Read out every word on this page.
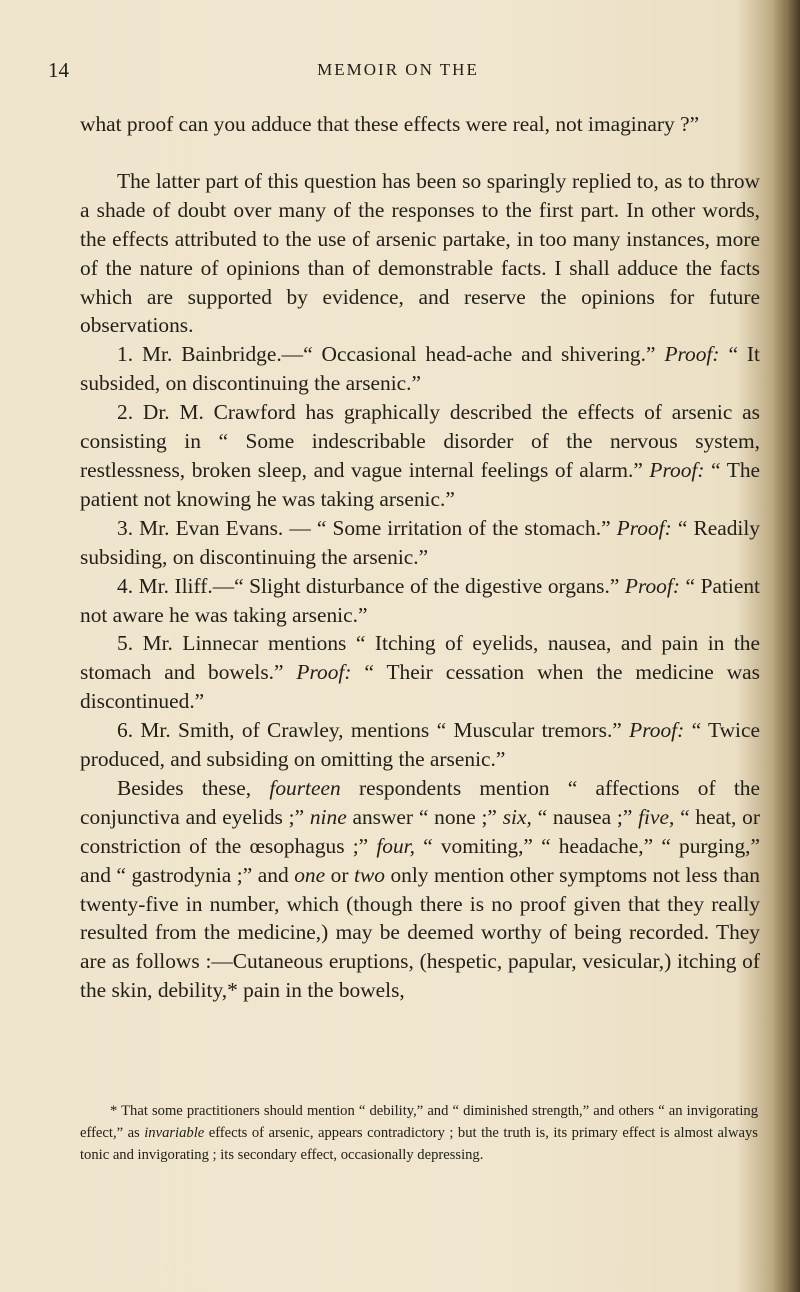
14	MEMOIR ON THE

what proof can you adduce that these effects were real, not imaginary ?”

The latter part of this question has been so sparingly replied to, as to throw a shade of doubt over many of the responses to the first part. In other words, the effects attributed to the use of arsenic partake, in too many instances, more of the nature of opinions than of demonstrable facts. I shall adduce the facts which are supported by evidence, and reserve the opinions for future observations.

1. Mr. Bainbridge.—“ Occasional head-ache and shivering.” Proof: “ It subsided, on discontinuing the arsenic.”

2. Dr. M. Crawford has graphically described the effects of arsenic as consisting in “ Some indescribable disorder of the nervous system, restlessness, broken sleep, and vague internal feelings of alarm.” Proof: “ The patient not knowing he was taking arsenic.”

3. Mr. Evan Evans. — “ Some irritation of the stomach.” Proof: “ Readily subsiding, on discontinuing the arsenic.”

4. Mr. Iliff.—“ Slight disturbance of the digestive organs.” Proof: “ Patient not aware he was taking arsenic.”

5. Mr. Linnecar mentions “ Itching of eyelids, nausea, and pain in the stomach and bowels.” Proof: “ Their cessation when the medicine was discontinued.”

6. Mr. Smith, of Crawley, mentions “ Muscular tremors.” Proof: “ Twice produced, and subsiding on omitting the arsenic.”

Besides these, fourteen respondents mention “ affections of the conjunctiva and eyelids ;” nine answer “ none ;” six, “ nausea ;” five, “ heat, or constriction of the œsophagus ;” four, “ vomiting,” “ headache,” “ purging,” and “ gastrodynia ;” and one or two only mention other symptoms not less than twenty-five in number, which (though there is no proof given that they really resulted from the medicine,) may be deemed worthy of being recorded. They are as follows :—Cutaneous eruptions, (hespetic, papular, vesicular,) itching of the skin, debility,* pain in the bowels,

* That some practitioners should mention “ debility,” and “ diminished strength,” and others “ an invigorating effect,” as invariable effects of arsenic, appears contradictory ; but the truth is, its primary effect is almost always tonic and invigorating ; its secondary effect, occasionally depressing.
